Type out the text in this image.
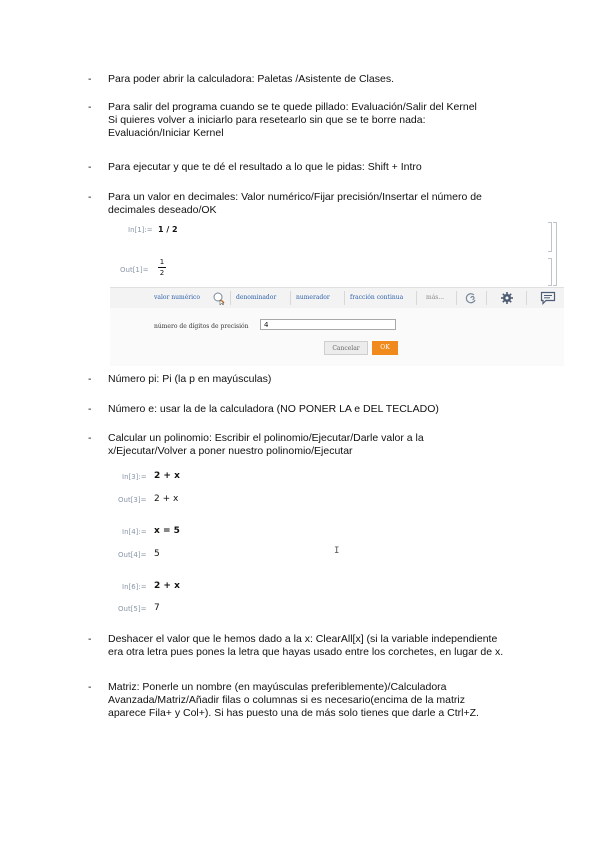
- Para poder abrir la calculadora: Paletas /Asistente de Clases.
- Para salir del programa cuando se te quede pillado: Evaluación/Salir del Kernel
Si quieres volver a iniciarlo para resetearlo sin que se te borre nada:
Evaluación/Iniciar Kernel
- Para ejecutar y que te dé el resultado a lo que le pidas: Shift + Intro
- Para un valor en decimales: Valor numérico/Fijar precisión/Insertar el número de
decimales deseado/OK
In[1]:= 1 / 2
Out[1]=
1
2
valor numérico	denominador	numerador	fracción continua	más...
número de dígitos de precisión	4
Cancelar	OK
- Número pi: Pi (la p en mayúsculas)
- Número e: usar la de la calculadora (NO PONER LA e DEL TECLADO)
- Calcular un polinomio: Escribir el polinomio/Ejecutar/Darle valor a la
x/Ejecutar/Volver a poner nuestro polinomio/Ejecutar
In[3]:= 2 + x
Out[3]= 2 + x
In[4]:= x = 5
Out[4]= 5	I
In[6]:= 2 + x
Out[5]= 7
- Deshacer el valor que le hemos dado a la x: ClearAll[x] (si la variable independiente
era otra letra pues pones la letra que hayas usado entre los corchetes, en lugar de x.
- Matriz: Ponerle un nombre (en mayúsculas preferiblemente)/Calculadora
Avanzada/Matriz/Añadir filas o columnas si es necesario(encima de la matriz
aparece Fila+ y Col+). Si has puesto una de más solo tienes que darle a Ctrl+Z.
